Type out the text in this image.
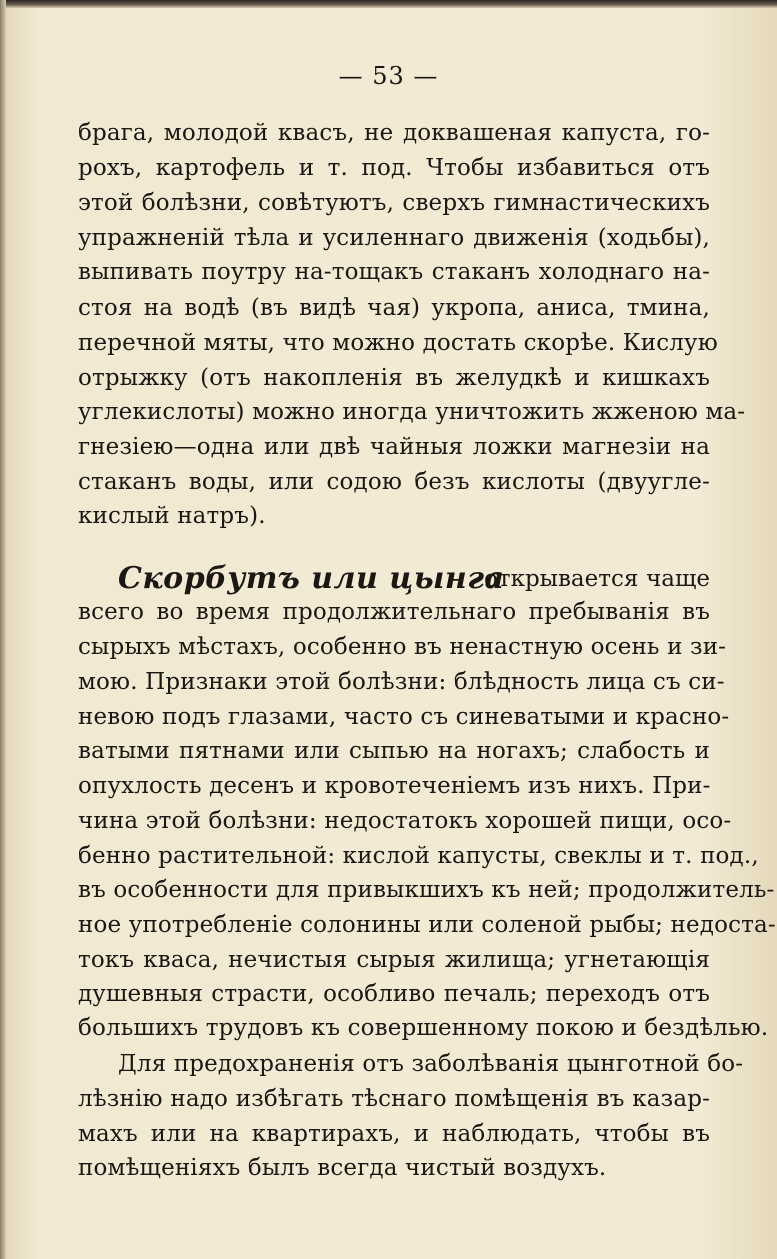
— 53 —
брага, молодой квасъ, не доквашеная капуста, го-
рохъ, картофель и т. под. Чтобы избавиться отъ
этой болѣзни, совѣтуютъ, сверхъ гимнастическихъ
упражненій тѣла и усиленнаго движенія (ходьбы),
выпивать поутру на-тощакъ стаканъ холоднаго на-
стоя на водѣ (въ видѣ чая) укропа, аниса, тмина,
перечной мяты, что можно достать скорѣе. Кислую
отрыжку (отъ накопленія въ желудкѣ и кишкахъ
углекислоты) можно иногда уничтожить жженою ма-
гнезіею—одна или двѣ чайныя ложки магнезіи на
стаканъ воды, или содою безъ кислоты (двууглe-
кислый натръ).
Скорбутъ или цынга
открывается чаще
всего во время продолжительнаго пребыванія въ
сырыхъ мѣстахъ, особенно въ ненастную осень и зи-
мою. Признаки этой болѣзни: блѣдность лица съ си-
невою подъ глазами, часто съ синеватыми и красно-
ватыми пятнами или сыпью на ногахъ; слабость и
опухлость десенъ и кровотеченіемъ изъ нихъ. При-
чина этой болѣзни: недостатокъ хорошей пищи, осо-
бенно растительной: кислой капусты, свеклы и т. под.,
въ особенности для привыкшихъ къ ней; продолжитель-
ное употребленіе солонины или соленой рыбы; недоста-
токъ кваса, нечистыя сырыя жилища; угнетающія
душевныя страсти, особливо печаль; переходъ отъ
большихъ трудовъ къ совершенному покою и бездѣлью.
Для предохраненія отъ заболѣванія цынготной бо-
лѣзнію надо избѣгать тѣснаго помѣщенія въ казар-
махъ или на квартирахъ, и наблюдать, чтобы въ
помѣщеніяхъ былъ всегда чистый воздухъ.
